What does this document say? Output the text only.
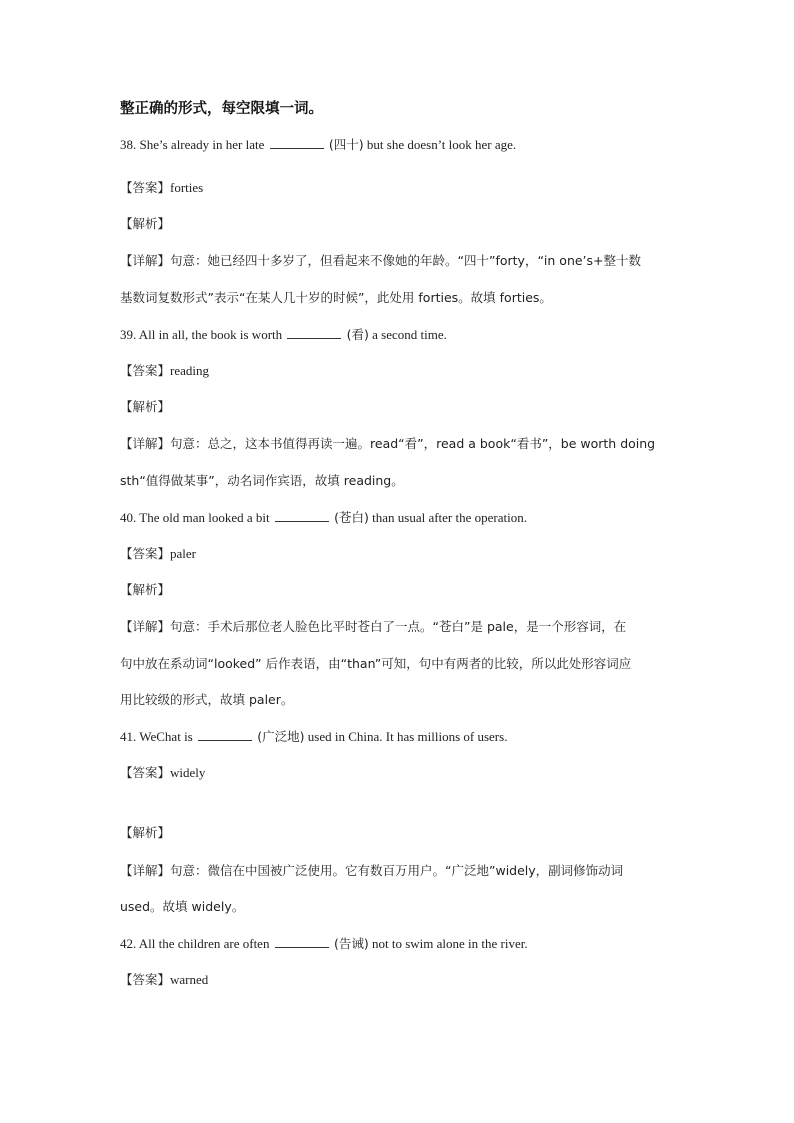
整正确的形式，每空限填一词。
38. She’s already in her late	(四十) but she doesn’t look her age.
【答案】forties
【解析】
【详解】句意：她已经四十多岁了，但看起来不像她的年龄。“四十”forty，“in one’s+整十数
基数词复数形式”表示“在某人几十岁的时候”，此处用 forties。故填 forties。
39. All in all, the book is worth	(看) a second time.
【答案】reading
【解析】
【详解】句意：总之，这本书值得再读一遍。read“看”，read a book“看书”，be worth doing
sth“值得做某事”，动名词作宾语，故填 reading。
40. The old man looked a bit	(苍白) than usual after the operation.
【答案】paler
【解析】
【详解】句意：手术后那位老人脸色比平时苍白了一点。“苍白”是 pale，是一个形容词，在
句中放在系动词“looked” 后作表语，由“than”可知，句中有两者的比较，所以此处形容词应
用比较级的形式，故填 paler。
41. WeChat is	(广泛地) used in China. It has millions of users.
【答案】widely
【解析】
【详解】句意：微信在中国被广泛使用。它有数百万用户。“广泛地”widely，副词修饰动词
used。故填 widely。
42. All the children are often	(告诫) not to swim alone in the river.
【答案】warned
